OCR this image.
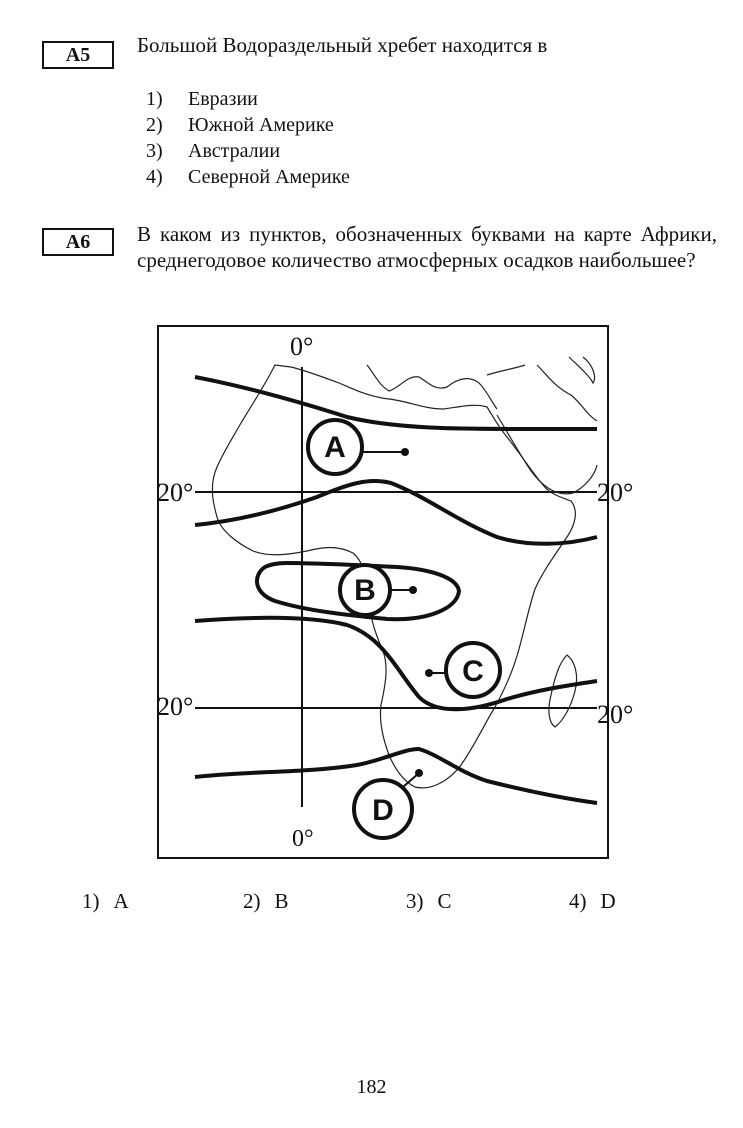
A5	Большой Водораздельный хребет находится в

1)	Евразии
2)	Южной Америке
3)	Австралии
4)	Северной Америке
A6	В каком из пунктов, обозначенных буквами на карте Африки, среднегодовое количество атмосферных осадков наибольшее?

A
B
C
D
0°
0°
20°	20°
20°	20°
1) A	2) B	3) C	4) D
182
